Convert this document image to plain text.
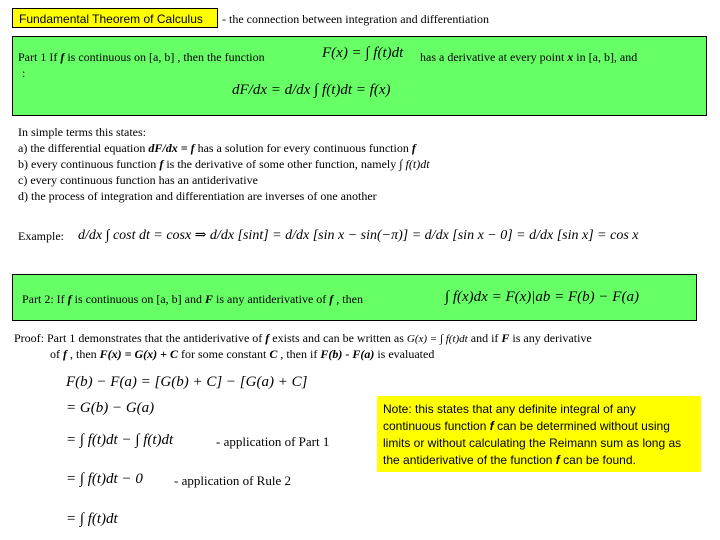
Fundamental Theorem of Calculus	- the connection between integration and differentiation
Part 1 If f is continuous on [a, b] , then the function	F(x) = ∫ f(t)dt has a derivative at every point x in [a, b], and
:
dF/dx = d/dx ∫ f(t)dt = f(x)
In simple terms this states:
a) the differential equation dF/dx = f has a solution for every continuous function f
b) every continuous function f is the derivative of some other function, namely ∫ f(t)dt
c) every continuous function has an antiderivative
d) the process of integration and differentiation are inverses of one another
Example: d/dx ∫ cost dt = cosx ⇒ d/dx [sint] = d/dx [sin x − sin(−π)] = d/dx [sin x − 0] = d/dx [sin x] = cos x
Part 2: If f is continuous on [a, b] and F is any antiderivative of f , then	∫ f(x)dx = F(x)|ab = F(b) − F(a)
Proof: Part 1 demonstrates that the antiderivative of f exists and can be written as G(x) = ∫ f(t)dt and if F is any derivative
of f , then F(x) = G(x) + C for some constant C , then if F(b) - F(a) is evaluated
F(b) − F(a) = [G(b) + C] − [G(a) + C]
= G(b) − G(a)
= ∫ f(t)dt − ∫ f(t)dt	- application of Part 1
= ∫ f(t)dt − 0 - application of Rule 2
= ∫ f(t)dt
Note: this states that any definite integral of any continuous function f can be determined without using limits or without calculating the Reimann sum as long as the antiderivative of the function f can be found.
